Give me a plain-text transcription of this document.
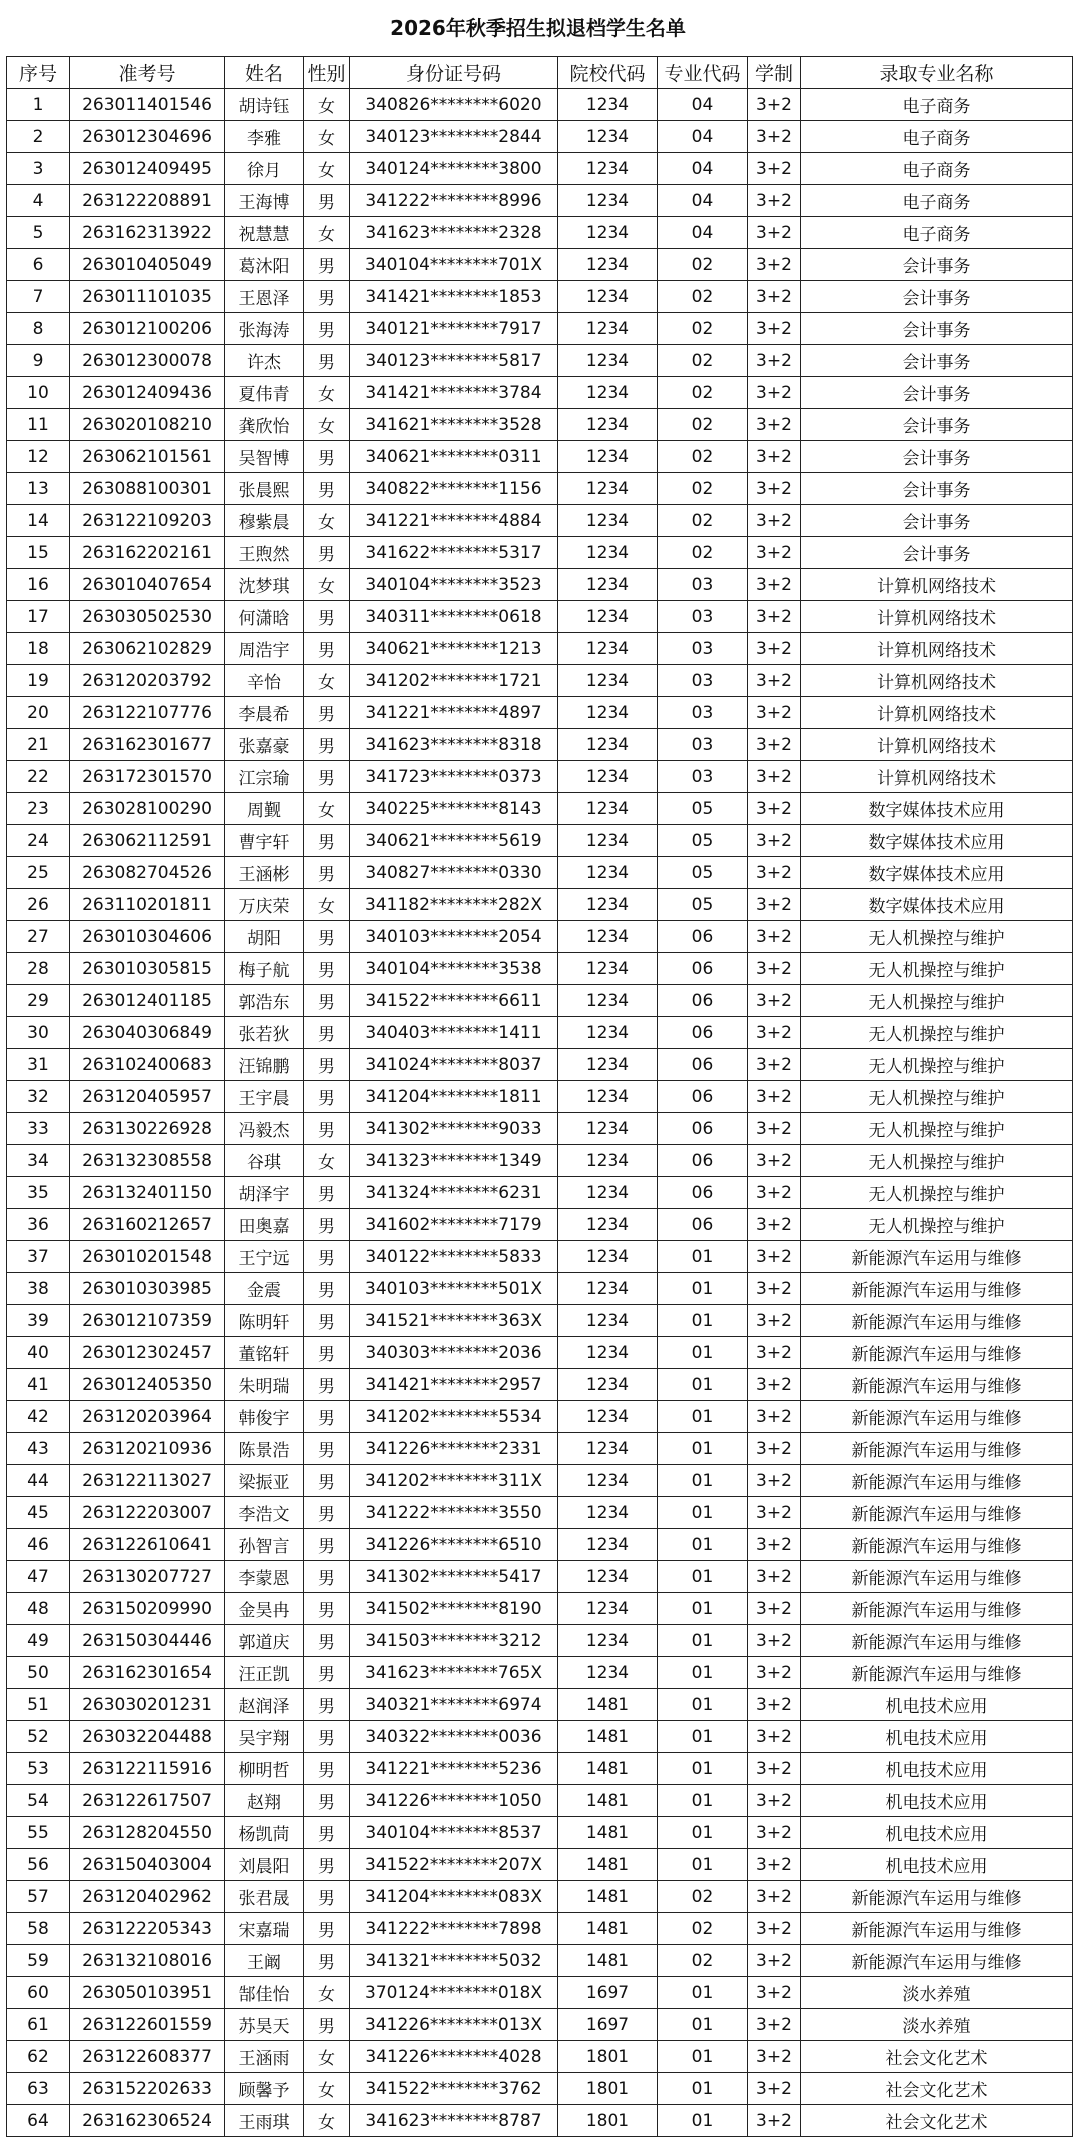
2026年秋季招生拟退档学生名单
序号	准考号	姓名	性别	身份证号码	院校代码	专业代码	学制	录取专业名称
1	263011401546	胡诗钰	女	340826********6020	1234	04	3+2	电子商务
2	263012304696	李雅	女	340123********2844	1234	04	3+2	电子商务
3	263012409495	徐月	女	340124********3800	1234	04	3+2	电子商务
4	263122208891	王海博	男	341222********8996	1234	04	3+2	电子商务
5	263162313922	祝慧慧	女	341623********2328	1234	04	3+2	电子商务
6	263010405049	葛沐阳	男	340104********701X	1234	02	3+2	会计事务
7	263011101035	王恩泽	男	341421********1853	1234	02	3+2	会计事务
8	263012100206	张海涛	男	340121********7917	1234	02	3+2	会计事务
9	263012300078	许杰	男	340123********5817	1234	02	3+2	会计事务
10	263012409436	夏伟青	女	341421********3784	1234	02	3+2	会计事务
11	263020108210	龚欣怡	女	341621********3528	1234	02	3+2	会计事务
12	263062101561	吴智博	男	340621********0311	1234	02	3+2	会计事务
13	263088100301	张晨熙	男	340822********1156	1234	02	3+2	会计事务
14	263122109203	穆紫晨	女	341221********4884	1234	02	3+2	会计事务
15	263162202161	王煦然	男	341622********5317	1234	02	3+2	会计事务
16	263010407654	沈梦琪	女	340104********3523	1234	03	3+2	计算机网络技术
17	263030502530	何潇晗	男	340311********0618	1234	03	3+2	计算机网络技术
18	263062102829	周浩宇	男	340621********1213	1234	03	3+2	计算机网络技术
19	263120203792	辛怡	女	341202********1721	1234	03	3+2	计算机网络技术
20	263122107776	李晨希	男	341221********4897	1234	03	3+2	计算机网络技术
21	263162301677	张嘉豪	男	341623********8318	1234	03	3+2	计算机网络技术
22	263172301570	江宗瑜	男	341723********0373	1234	03	3+2	计算机网络技术
23	263028100290	周觐	女	340225********8143	1234	05	3+2	数字媒体技术应用
24	263062112591	曹宇轩	男	340621********5619	1234	05	3+2	数字媒体技术应用
25	263082704526	王涵彬	男	340827********0330	1234	05	3+2	数字媒体技术应用
26	263110201811	万庆荣	女	341182********282X	1234	05	3+2	数字媒体技术应用
27	263010304606	胡阳	男	340103********2054	1234	06	3+2	无人机操控与维护
28	263010305815	梅子航	男	340104********3538	1234	06	3+2	无人机操控与维护
29	263012401185	郭浩东	男	341522********6611	1234	06	3+2	无人机操控与维护
30	263040306849	张若狄	男	340403********1411	1234	06	3+2	无人机操控与维护
31	263102400683	汪锦鹏	男	341024********8037	1234	06	3+2	无人机操控与维护
32	263120405957	王宇晨	男	341204********1811	1234	06	3+2	无人机操控与维护
33	263130226928	冯毅杰	男	341302********9033	1234	06	3+2	无人机操控与维护
34	263132308558	谷琪	女	341323********1349	1234	06	3+2	无人机操控与维护
35	263132401150	胡泽宇	男	341324********6231	1234	06	3+2	无人机操控与维护
36	263160212657	田奥嘉	男	341602********7179	1234	06	3+2	无人机操控与维护
37	263010201548	王宁远	男	340122********5833	1234	01	3+2	新能源汽车运用与维修
38	263010303985	金震	男	340103********501X	1234	01	3+2	新能源汽车运用与维修
39	263012107359	陈明轩	男	341521********363X	1234	01	3+2	新能源汽车运用与维修
40	263012302457	董铭轩	男	340303********2036	1234	01	3+2	新能源汽车运用与维修
41	263012405350	朱明瑞	男	341421********2957	1234	01	3+2	新能源汽车运用与维修
42	263120203964	韩俊宇	男	341202********5534	1234	01	3+2	新能源汽车运用与维修
43	263120210936	陈景浩	男	341226********2331	1234	01	3+2	新能源汽车运用与维修
44	263122113027	梁振亚	男	341202********311X	1234	01	3+2	新能源汽车运用与维修
45	263122203007	李浩文	男	341222********3550	1234	01	3+2	新能源汽车运用与维修
46	263122610641	孙智言	男	341226********6510	1234	01	3+2	新能源汽车运用与维修
47	263130207727	李蒙恩	男	341302********5417	1234	01	3+2	新能源汽车运用与维修
48	263150209990	金昊冉	男	341502********8190	1234	01	3+2	新能源汽车运用与维修
49	263150304446	郭道庆	男	341503********3212	1234	01	3+2	新能源汽车运用与维修
50	263162301654	汪正凯	男	341623********765X	1234	01	3+2	新能源汽车运用与维修
51	263030201231	赵润泽	男	340321********6974	1481	01	3+2	机电技术应用
52	263032204488	吴宇翔	男	340322********0036	1481	01	3+2	机电技术应用
53	263122115916	柳明哲	男	341221********5236	1481	01	3+2	机电技术应用
54	263122617507	赵翔	男	341226********1050	1481	01	3+2	机电技术应用
55	263128204550	杨凯茼	男	340104********8537	1481	01	3+2	机电技术应用
56	263150403004	刘晨阳	男	341522********207X	1481	01	3+2	机电技术应用
57	263120402962	张君晟	男	341204********083X	1481	02	3+2	新能源汽车运用与维修
58	263122205343	宋嘉瑞	男	341222********7898	1481	02	3+2	新能源汽车运用与维修
59	263132108016	王阚	男	341321********5032	1481	02	3+2	新能源汽车运用与维修
60	263050103951	郜佳怡	女	370124********018X	1697	01	3+2	淡水养殖
61	263122601559	苏昊天	男	341226********013X	1697	01	3+2	淡水养殖
62	263122608377	王涵雨	女	341226********4028	1801	01	3+2	社会文化艺术
63	263152202633	顾馨予	女	341522********3762	1801	01	3+2	社会文化艺术
64	263162306524	王雨琪	女	341623********8787	1801	01	3+2	社会文化艺术
